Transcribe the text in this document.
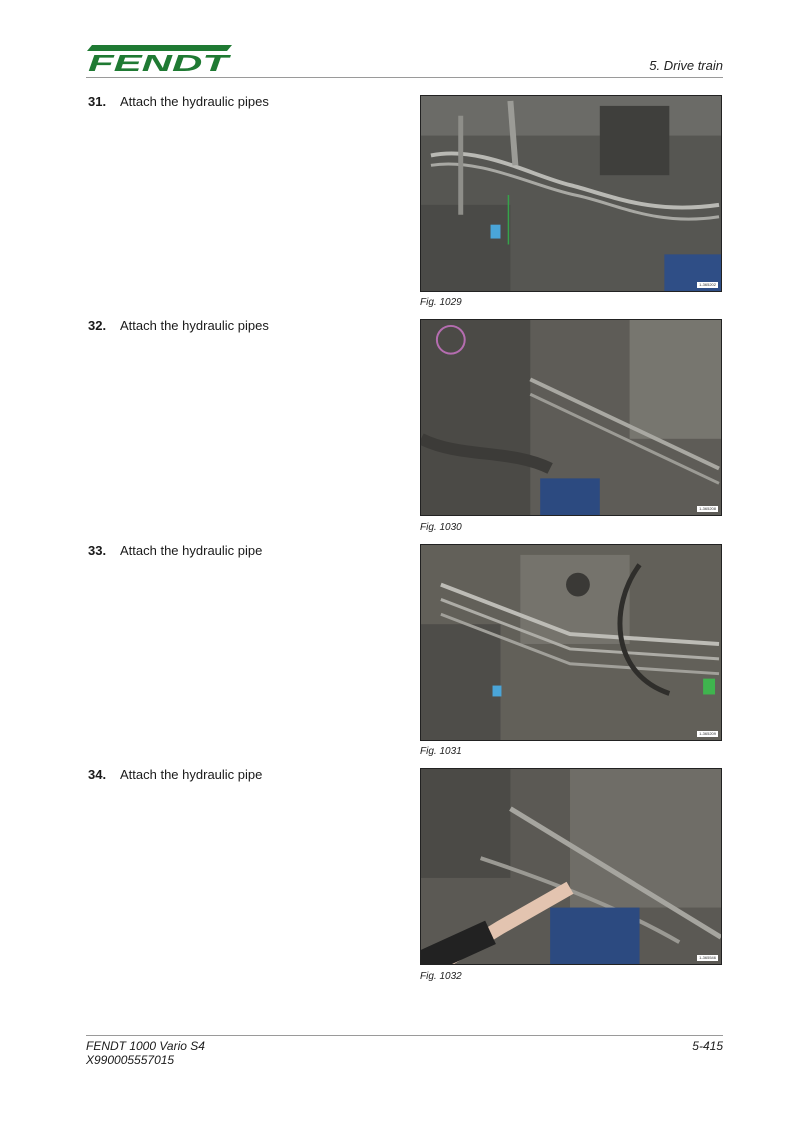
FENDT	5. Drive train
31. Attach the hydraulic pipes
1-365202
Fig. 1029
32. Attach the hydraulic pipes
1-365208
Fig. 1030
33. Attach the hydraulic pipe
1-365209
Fig. 1031
34. Attach the hydraulic pipe
1-365546
Fig. 1032
FENDT 1000 Vario S4
X990005557015
5-415
